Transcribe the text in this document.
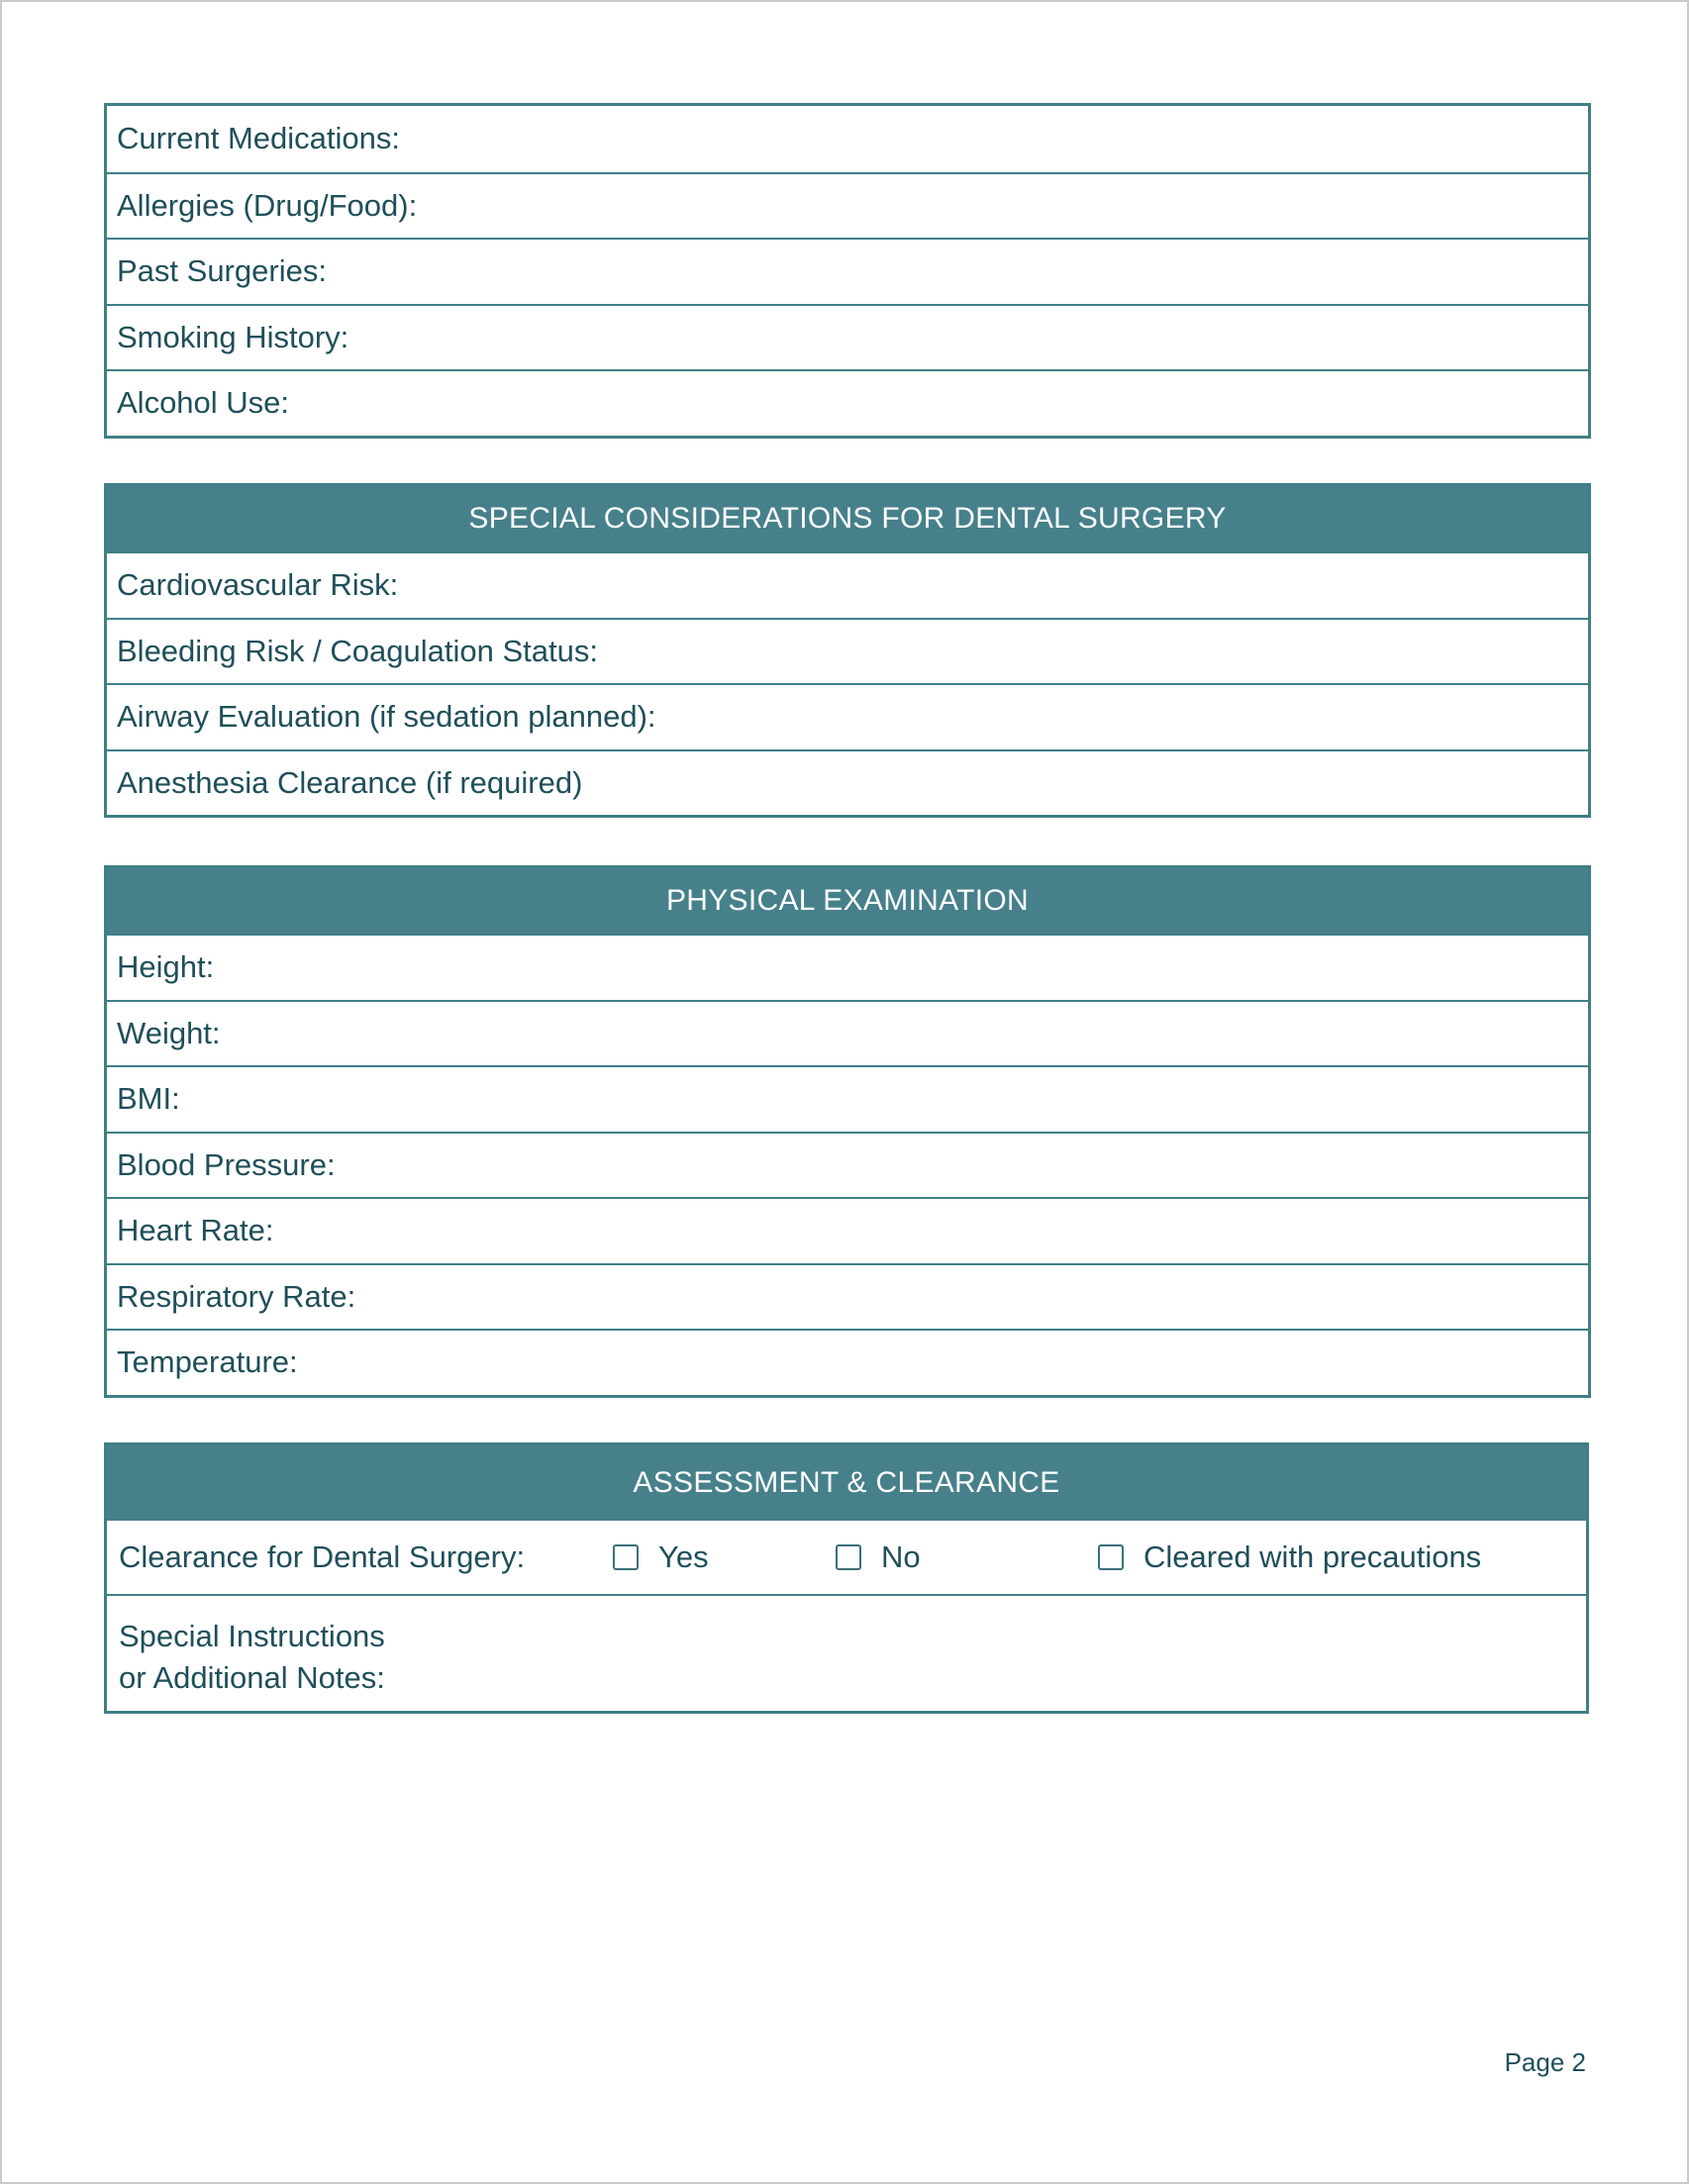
Current Medications:
Allergies (Drug/Food):
Past Surgeries:
Smoking History:
Alcohol Use:
SPECIAL CONSIDERATIONS FOR DENTAL SURGERY
Cardiovascular Risk:
Bleeding Risk / Coagulation Status:
Airway Evaluation (if sedation planned):
Anesthesia Clearance (if required)
PHYSICAL EXAMINATION
Height:
Weight:
BMI:
Blood Pressure:
Heart Rate:
Respiratory Rate:
Temperature:
ASSESSMENT & CLEARANCE
Clearance for Dental Surgery:	Yes	No	Cleared with precautions
Special Instructions
or Additional Notes:
Page 2
